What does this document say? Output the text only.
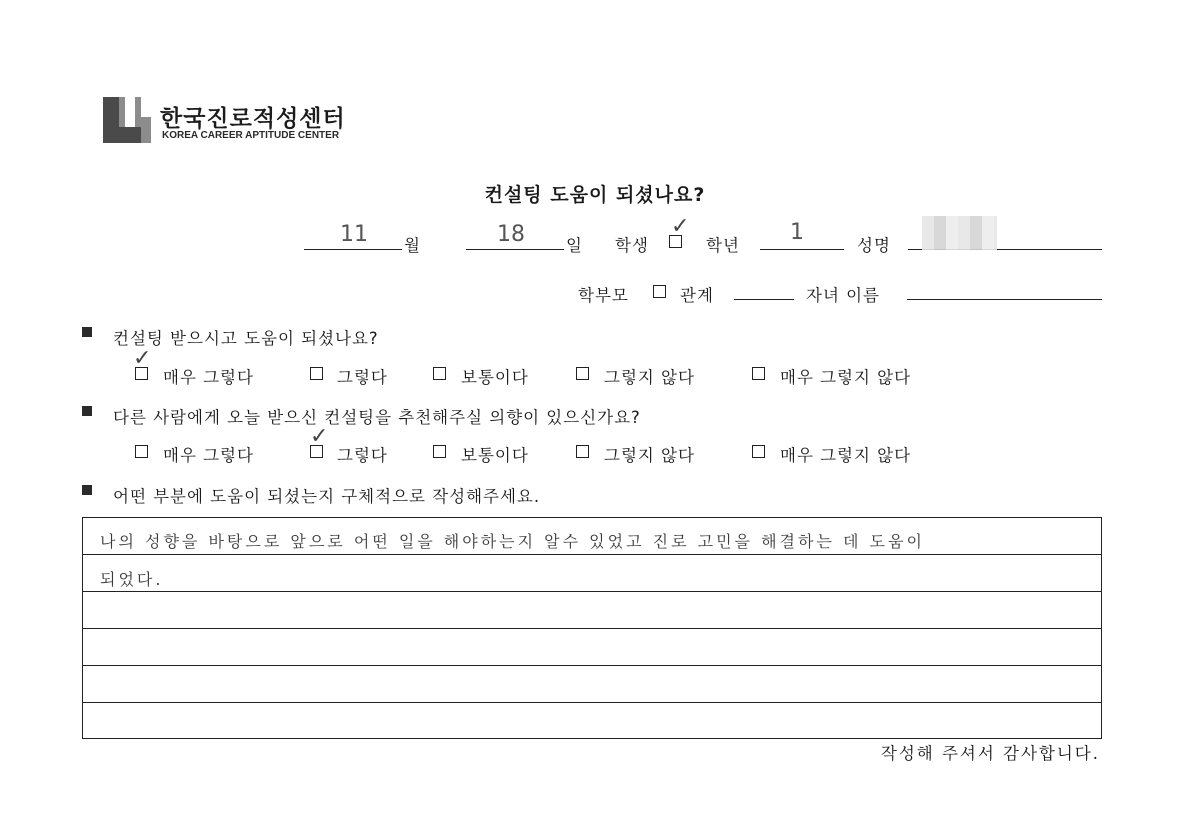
한국진로적성센터
KOREA CAREER APTITUDE CENTER
컨설팅 도움이 되셨나요?
11 월	18 일 학생
✓
학년
1
성명
학부모	관계	자녀 이름
컨설팅 받으시고 도움이 되셨나요?
✓
매우 그렇다	그렇다	보통이다	그렇지 않다	매우 그렇지 않다
다른 사람에게 오늘 받으신 컨설팅을 추천해주실 의향이 있으신가요?
매우 그렇다
✓
그렇다	보통이다	그렇지 않다	매우 그렇지 않다
어떤 부분에 도움이 되셨는지 구체적으로 작성해주세요.
나의 성향을 바탕으로 앞으로 어떤 일을 해야하는지 알수 있었고 진로 고민을 해결하는 데 도움이
되었다.
작성해 주셔서 감사합니다.
